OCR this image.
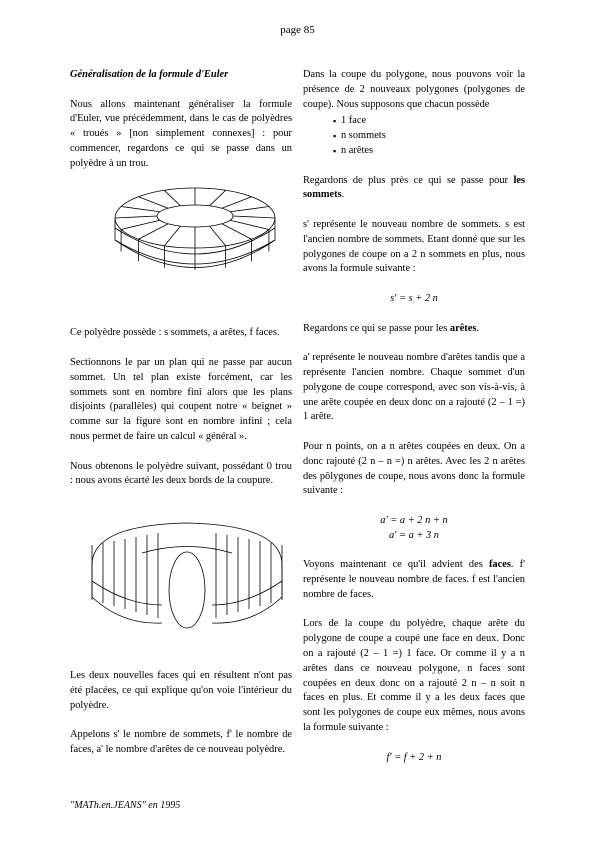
page 85

Généralisation de la formule d'Euler

Nous allons maintenant généraliser la formule d'Euler, vue précédemment, dans le cas de polyèdres « troués » [non simplement connexes] : pour commencer, regardons ce qui se passe dans un polyèdre à un trou.

Ce polyèdre possède : s sommets, a arêtes, f faces.

Sectionnons le par un plan qui ne passe par aucun sommet. Un tel plan existe forcément, car les sommets sont en nombre fini alors que les plans disjoints (parallèles) qui coupent notre « beignet » comme sur la figure sont en nombre infini ; cela nous permet de faire un calcul « général ».

Nous obtenons le polyèdre suivant, possédant 0 trou : nous avons écarté les deux bords de la coupure.

Les deux nouvelles faces qui en résultent n'ont pas été placées, ce qui explique qu'on voie l'intérieur du polyèdre.

Appelons s' le nombre de sommets, f' le nombre de faces, a' le nombre d'arêtes de ce nouveau polyèdre.

Dans la coupe du polygone, nous pouvons voir la présence de 2 nouveaux polygones (polygones de coupe). Nous supposons que chacun possède

▪ 1 face
▪ n sommets
▪ n arêtes

Regardons de plus près ce qui se passe pour les sommets.

s' représente le nouveau nombre de sommets. s est l'ancien nombre de sommets. Etant donné que sur les polygones de coupe on a 2 n sommets en plus, nous avons la formule suivante :

s' = s + 2 n

Regardons ce qui se passe pour les arêtes.

a' représente le nouveau nombre d'arêtes tandis que a représente l'ancien nombre. Chaque sommet d'un polygone de coupe correspond, avec son vis-à-vis, à une arête coupée en deux donc on a rajouté (2 – 1 =) 1 arête.

Pour n points, on a n arêtes coupées en deux. On a donc rajouté (2 n – n =) n arêtes. Avec les 2 n arêtes des pôlygones de coupe, nous avons donc la formule suivante :

a' = a + 2 n + n
a' = a + 3 n

Voyons maintenant ce qu'il advient des faces. f' représente le nouveau nombre de faces. f est l'ancien nombre de faces.

Lors de la coupe du polyèdre, chaque arête du polygone de coupe a coupé une face en deux. Donc on a rajouté (2 – 1 =) 1 face. Or comme il y a n arêtes dans ce nouveau polygone, n faces sont coupées en deux donc on a rajouté 2 n – n soit n faces en plus. Et comme il y a les deux faces que sont les polygones de coupe eux mêmes, nous avons la formule suivante :

f' = f + 2 + n

"MATh.en.JEANS" en 1995
